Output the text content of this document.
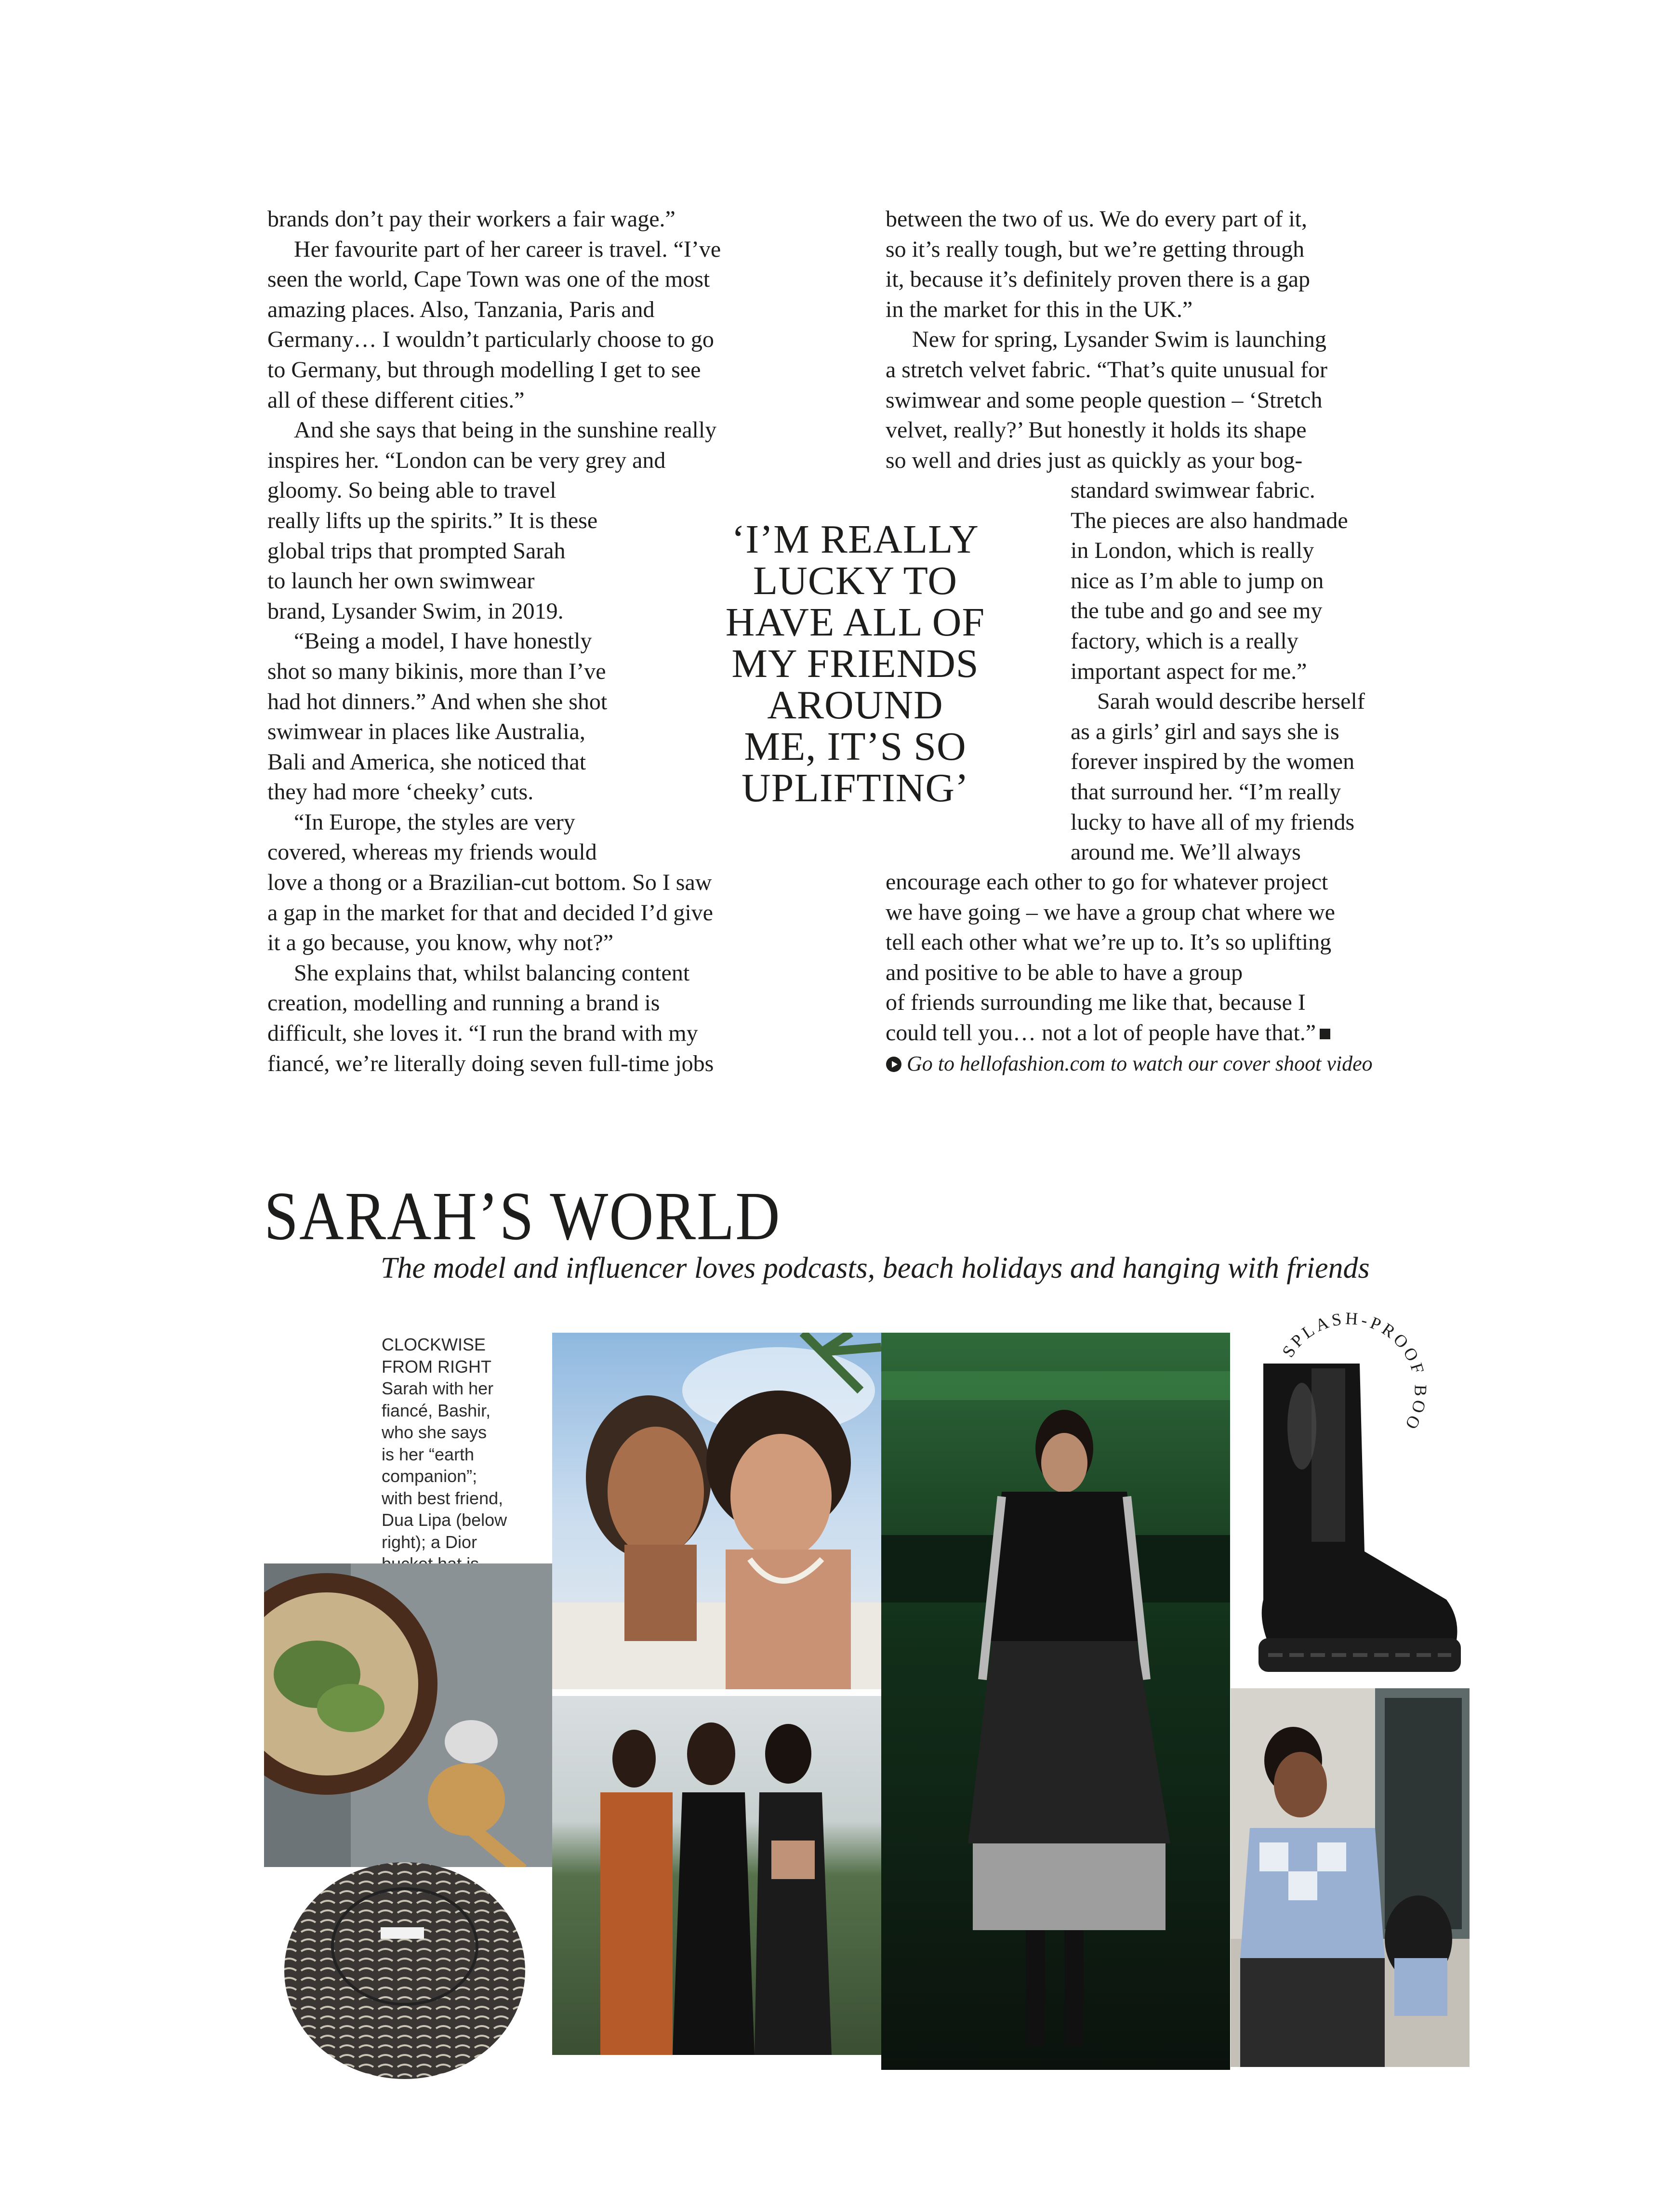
brands don’t pay their workers a fair wage.”
Her favourite part of her career is travel. “I’ve
seen the world, Cape Town was one of the most
amazing places. Also, Tanzania, Paris and
Germany… I wouldn’t particularly choose to go
to Germany, but through modelling I get to see
all of these different cities.”
And she says that being in the sunshine really
inspires her. “London can be very grey and
gloomy. So being able to travel
really lifts up the spirits.” It is these
global trips that prompted Sarah
to launch her own swimwear
brand, Lysander Swim, in 2019.
“Being a model, I have honestly
shot so many bikinis, more than I’ve
had hot dinners.” And when she shot
swimwear in places like Australia,
Bali and America, she noticed that
they had more ‘cheeky’ cuts.
“In Europe, the styles are very
covered, whereas my friends would
love a thong or a Brazilian-cut bottom. So I saw
a gap in the market for that and decided I’d give
it a go because, you know, why not?”
She explains that, whilst balancing content
creation, modelling and running a brand is
difficult, she loves it. “I run the brand with my
fiancé, we’re literally doing seven full-time jobs
between the two of us. We do every part of it,
so it’s really tough, but we’re getting through
it, because it’s definitely proven there is a gap
in the market for this in the UK.”
New for spring, Lysander Swim is launching
a stretch velvet fabric. “That’s quite unusual for
swimwear and some people question – ‘Stretch
velvet, really?’ But honestly it holds its shape
so well and dries just as quickly as your bog-
standard swimwear fabric.
The pieces are also handmade
in London, which is really
nice as I’m able to jump on
the tube and go and see my
factory, which is a really
important aspect for me.”
Sarah would describe herself
as a girls’ girl and says she is
forever inspired by the women
that surround her. “I’m really
lucky to have all of my friends
around me. We’ll always
encourage each other to go for whatever project
we have going – we have a group chat where we
tell each other what we’re up to. It’s so uplifting
and positive to be able to have a group
of friends surrounding me like that, because I
could tell you… not a lot of people have that.”
Go to hellofashion.com to watch our cover shoot video
‘I’M REALLY
LUCKY TO
HAVE ALL OF
MY FRIENDS
AROUND
ME, IT’S SO
UPLIFTING’
SARAH’S WORLD
The model and influencer loves podcasts, beach holidays and hanging with friends
CLOCKWISE
FROM RIGHT
Sarah with her
fiancé, Bashir,
who she says
is her “earth
companion”;
with best friend,
Dua Lipa (below
right); a Dior
SPLASH-PROOF BOO
